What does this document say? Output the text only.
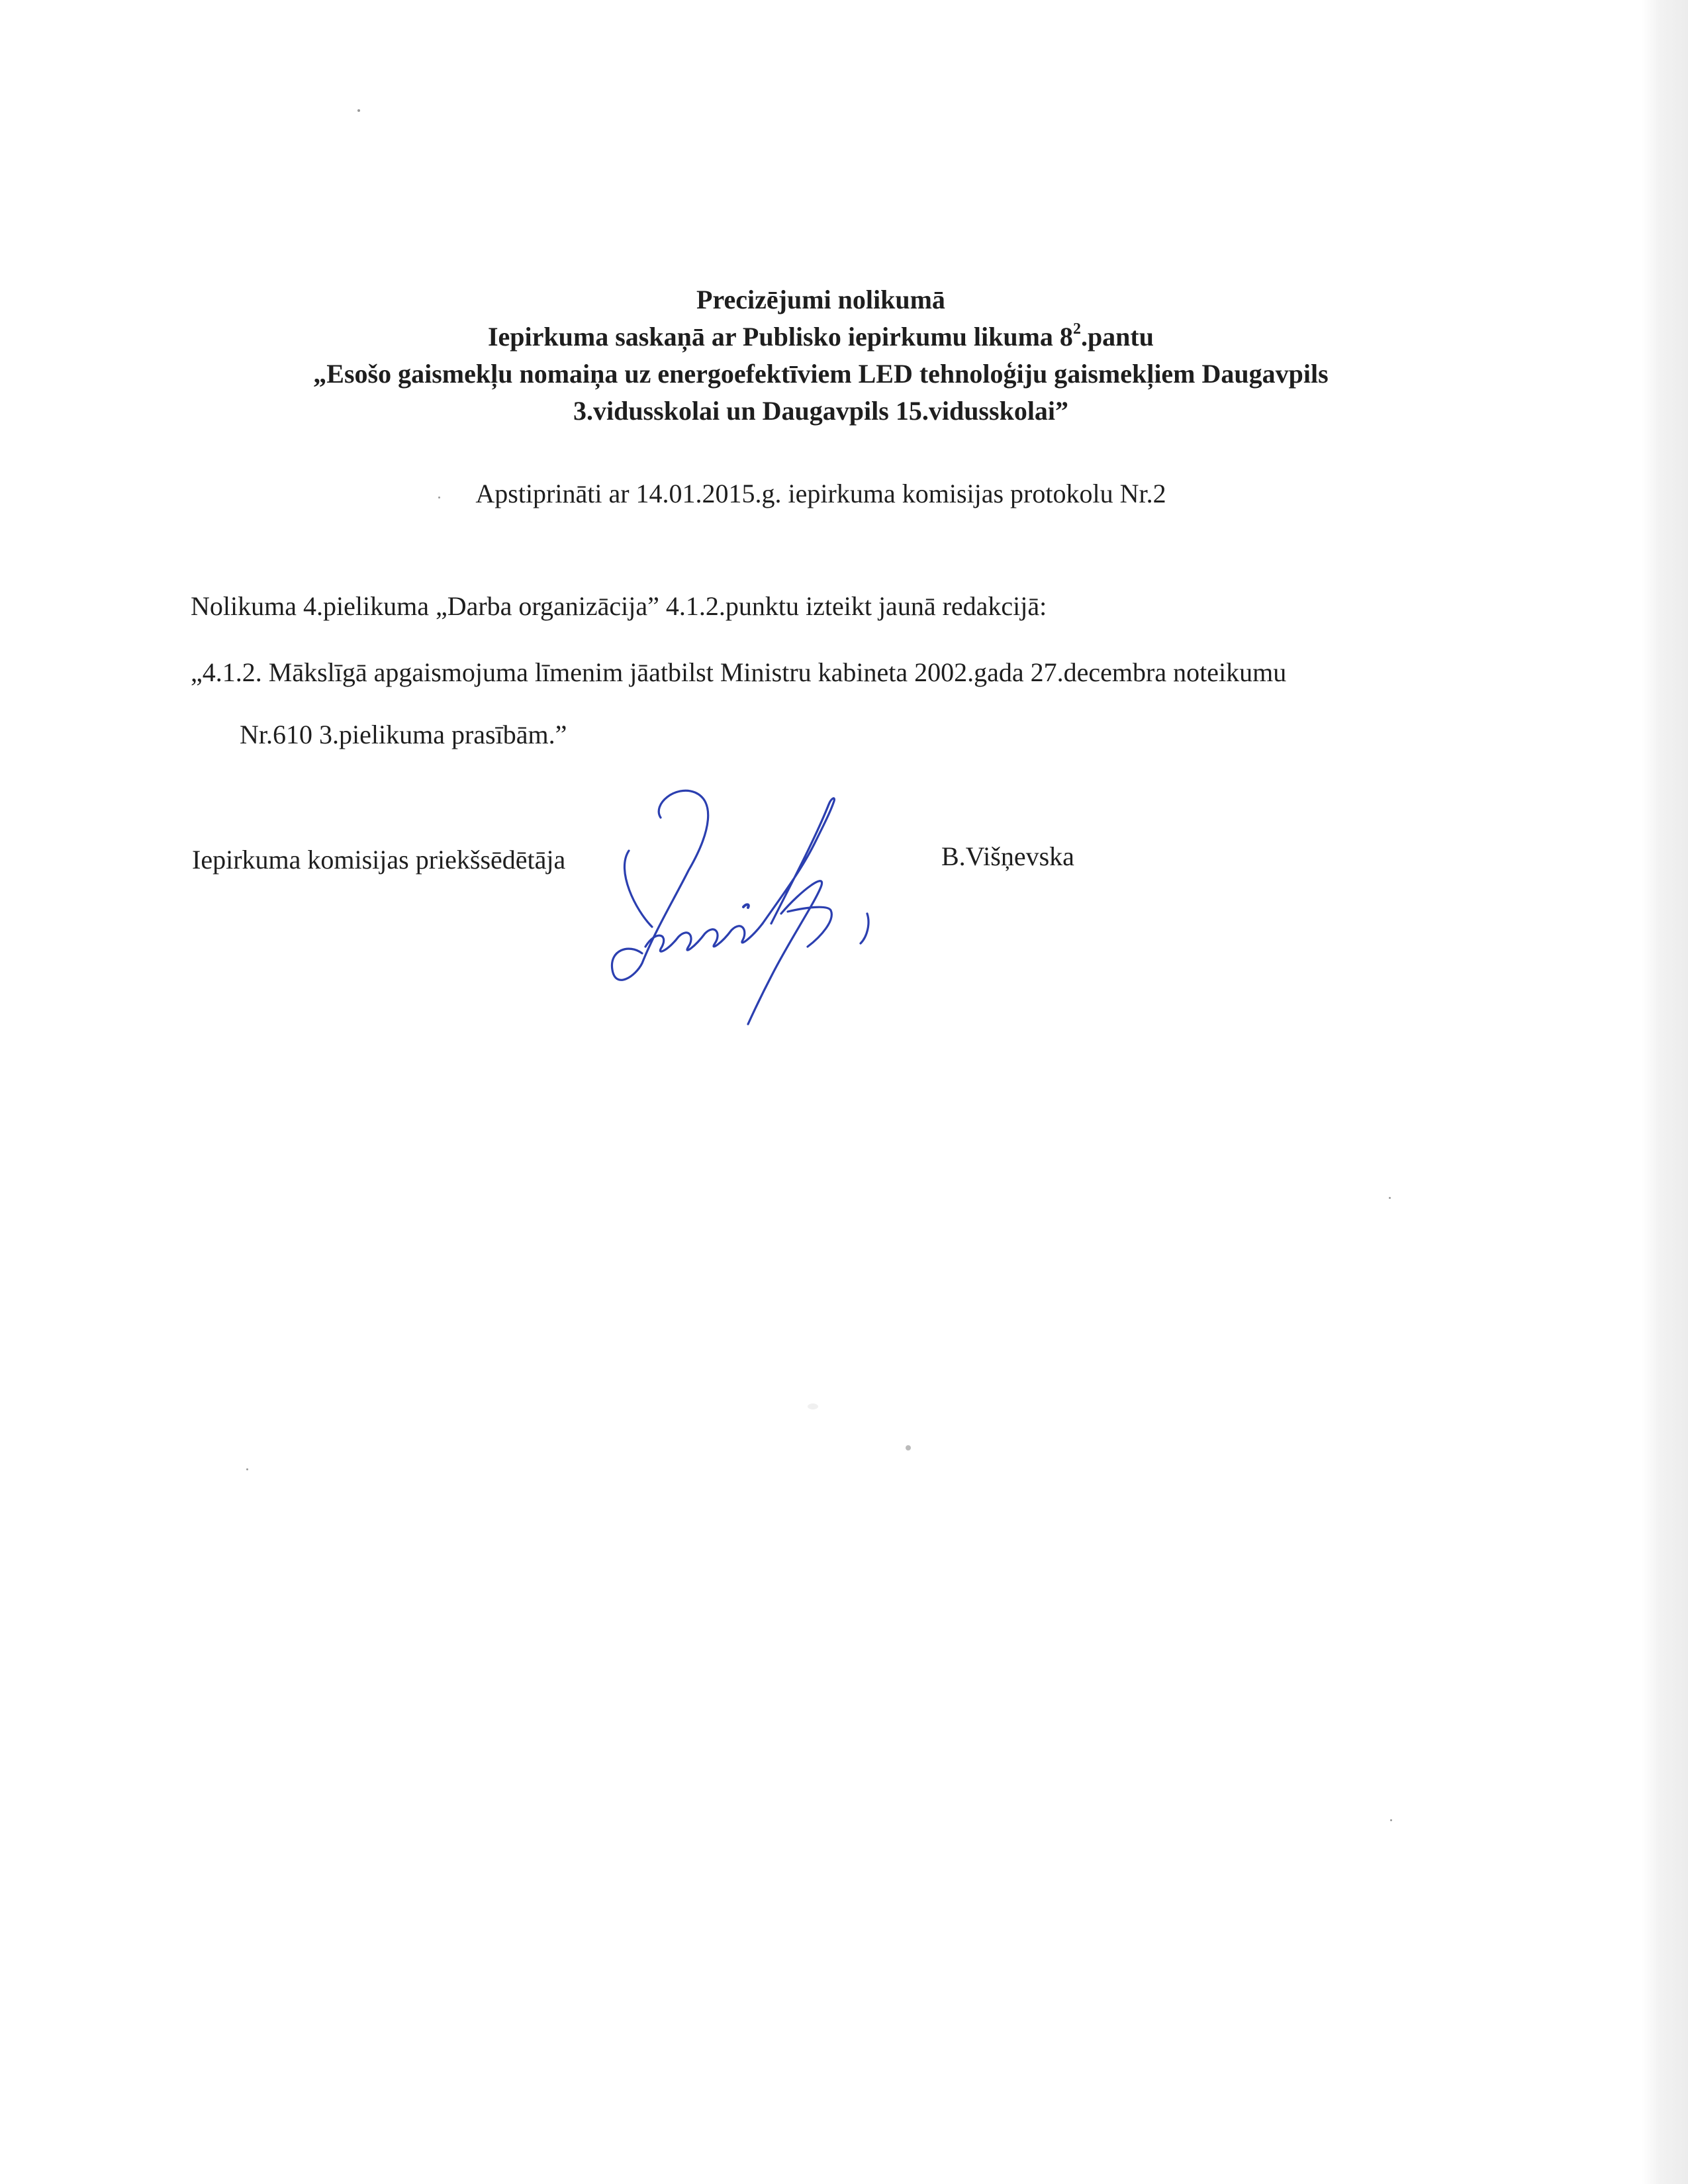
Precizējumi nolikumā
Iepirkuma saskaņā ar Publisko iepirkumu likuma $8^2.pantu$
„Esošo gaismekļu nomaiņa uz energoefektīviem LED tehnoloģiju gaismekļiem Daugavpils
3.vidusskolai un Daugavpils 15.vidusskolai”
Apstiprināti ar 14.01.2015.g. iepirkuma komisijas protokolu Nr.2
Nolikuma 4.pielikuma „Darba organizācija” 4.1.2.punktu izteikt jaunā redakcijā:
„4.1.2. Mākslīgā apgaismojuma līmenim jāatbilst Ministru kabineta 2002.gada 27.decembra noteikumu
Nr.610 3.pielikuma prasībām.”
Iepirkuma komisijas priekšsēdētāja	B.Višņevska
